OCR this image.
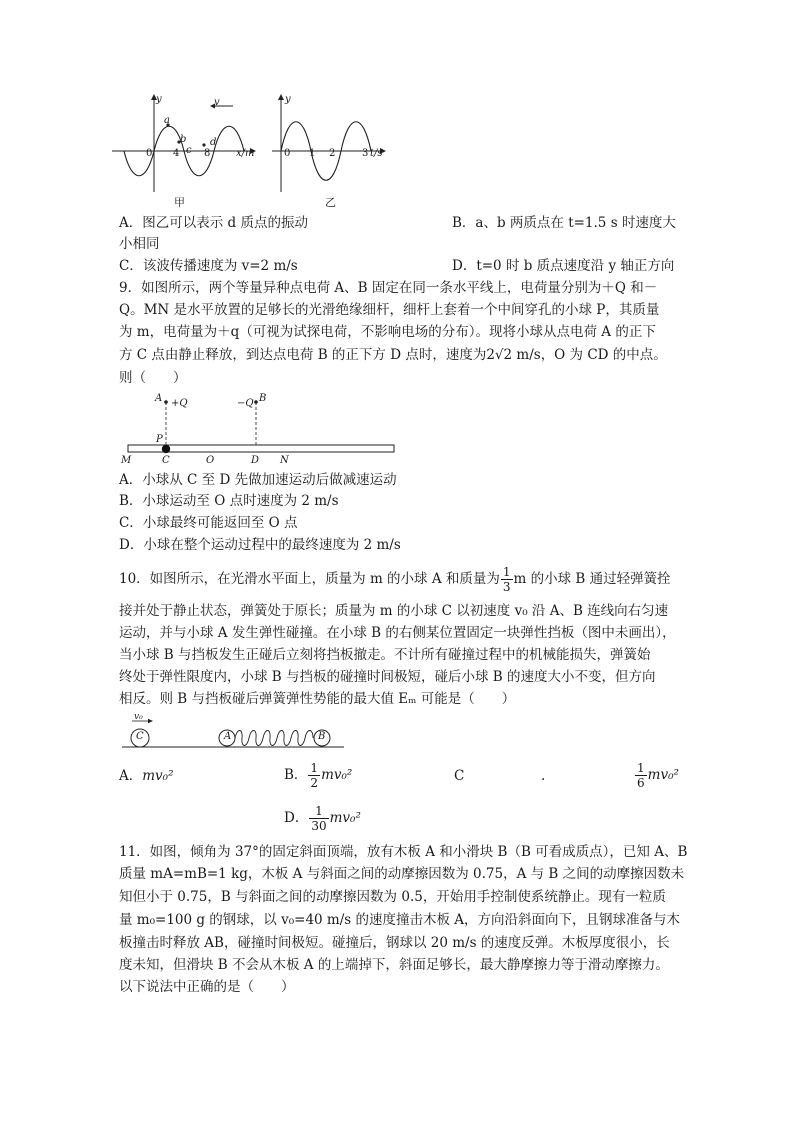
y
x/m
0 4 8
a
b
c
d
v
甲
y
t/s
0 1 2	3
乙
A．图乙可以表示 d 质点的振动	B．a、b 两质点在 t=1.5 s 时速度大
小相同
C．该波传播速度为 v=2 m/s	D．t=0 时 b 质点速度沿 y 轴正方向
9．如图所示，两个等量异种点电荷 A、B 固定在同一条水平线上，电荷量分别为＋Q 和－
Q。MN 是水平放置的足够长的光滑绝缘细杆，细杆上套着一个中间穿孔的小球 P，其质量
为 m，电荷量为＋q（可视为试探电荷，不影响电场的分布）。现将小球从点电荷 A 的正下
方 C 点由静止释放，到达点电荷 B 的正下方 D 点时，速度为2√2 m/s，O 为 CD 的中点。
则（　　）
A +Q	−Q B
P
M	C	O	D N
A．小球从 C 至 D 先做加速运动后做减速运动
B．小球运动至 O 点时速度为 2 m/s
C．小球最终可能返回至 O 点
D．小球在整个运动过程中的最终速度为 2 m/s
10．如图所示，在光滑水平面上，质量为 m 的小球 A 和质量为 $\frac{1}{3}$ m 的小球 B 通过轻弹簧拴
接并处于静止状态，弹簧处于原长；质量为 m 的小球 C 以初速度 v₀ 沿 A、B 连线向右匀速
运动，并与小球 A 发生弹性碰撞。在小球 B 的右侧某位置固定一块弹性挡板（图中未画出），
当小球 B 与挡板发生正碰后立刻将挡板撤走。不计所有碰撞过程中的机械能损失，弹簧始
终处于弹性限度内，小球 B 与挡板的碰撞时间极短，碰后小球 B 的速度大小不变，但方向
相反。则 B 与挡板碰后弹簧弹性势能的最大值 Eₘ 可能是（　　）
C
v₀
A	B
A．mv₀²	B． $\frac{1}{2} mv_0^2$	C	.	$\frac{1}{6} mv_0^2$
D． $\frac{1}{30} mv_0^2$
11．如图，倾角为 37°的固定斜面顶端，放有木板 A 和小滑块 B（B 可看成质点），已知 A、B
质量 mA=mB=1 kg，木板 A 与斜面之间的动摩擦因数为 0.75，A 与 B 之间的动摩擦因数未
知但小于 0.75，B 与斜面之间的动摩擦因数为 0.5，开始用手控制使系统静止。现有一粒质
量 m₀=100 g 的钢球，以 v₀=40 m/s 的速度撞击木板 A，方向沿斜面向下，且钢球准备与木
板撞击时释放 AB，碰撞时间极短。碰撞后，钢球以 20 m/s 的速度反弹。木板厚度很小，长
度未知，但滑块 B 不会从木板 A 的上端掉下，斜面足够长，最大静摩擦力等于滑动摩擦力。
以下说法中正确的是（　　）
